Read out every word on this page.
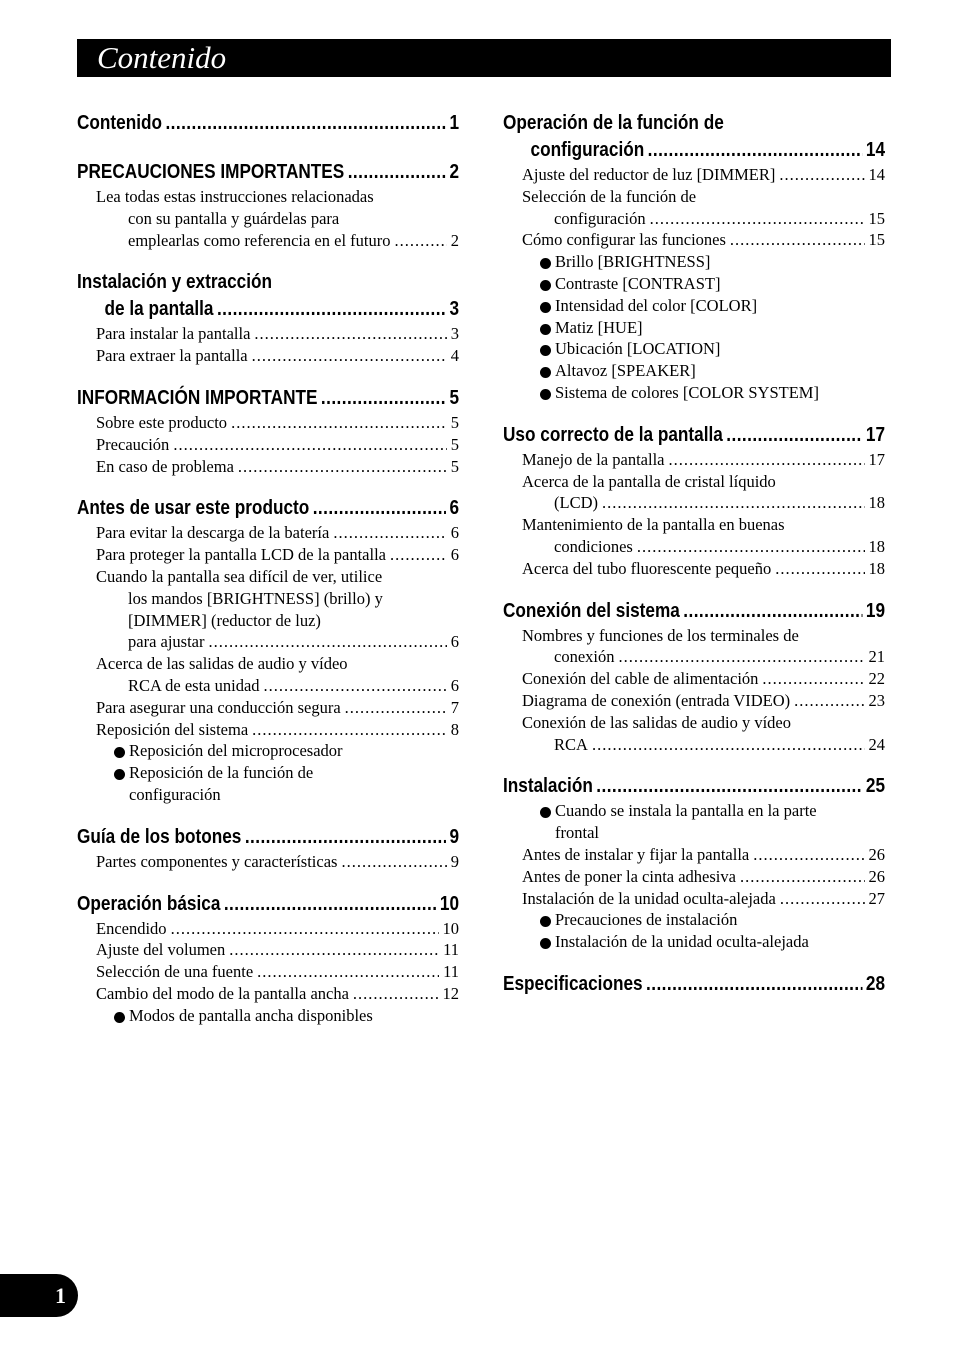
Contenido
Contenido .....	1
PRECAUCIONES IMPORTANTES .....	2
Lea todas estas instrucciones relacionadas
con su pantalla y guárdelas para
emplearlas como referencia en el futuro .....	2
Instalación y extracción
de la pantalla .....	3
Para instalar la pantalla .....	3
Para extraer la pantalla .....	4
INFORMACIÓN IMPORTANTE .....	5
Sobre este producto .....	5
Precaución .....	5
En caso de problema .....	5
Antes de usar este producto .....	6
Para evitar la descarga de la batería .....	6
Para proteger la pantalla LCD de la pantalla .....	6
Cuando la pantalla sea difícil de ver, utilice
los mandos [BRIGHTNESS] (brillo) y
[DIMMER] (reductor de luz)
para ajustar .....	6
Acerca de las salidas de audio y vídeo
RCA de esta unidad .....	6
Para asegurar una conducción segura .....	7
Reposición del sistema .....	8
Reposición del microprocesador
Reposición de la función de
configuración
Guía de los botones .....	9
Partes componentes y características .....	9
Operación básica .....	10
Encendido .....	10
Ajuste del volumen .....	11
Selección de una fuente .....	11
Cambio del modo de la pantalla ancha .....	12
Modos de pantalla ancha disponibles
Operación de la función de
configuración .....	14
Ajuste del reductor de luz [DIMMER] .....	14
Selección de la función de
configuración .....	15
Cómo configurar las funciones .....	15
Brillo [BRIGHTNESS]
Contraste [CONTRAST]
Intensidad del color [COLOR]
Matiz [HUE]
Ubicación [LOCATION]
Altavoz [SPEAKER]
Sistema de colores [COLOR SYSTEM]
Uso correcto de la pantalla .....	17
Manejo de la pantalla .....	17
Acerca de la pantalla de cristal líquido
(LCD) .....	18
Mantenimiento de la pantalla en buenas
condiciones .....	18
Acerca del tubo fluorescente pequeño .....	18
Conexión del sistema .....	19
Nombres y funciones de los terminales de
conexión .....	21
Conexión del cable de alimentación .....	22
Diagrama de conexión (entrada VIDEO) .....	23
Conexión de las salidas de audio y vídeo
RCA .....	24
Instalación .....	25
Cuando se instala la pantalla en la parte
frontal
Antes de instalar y fijar la pantalla .....	26
Antes de poner la cinta adhesiva .....	26
Instalación de la unidad oculta-alejada .....	27
Precauciones de instalación
Instalación de la unidad oculta-alejada
Especificaciones .....	28
1
